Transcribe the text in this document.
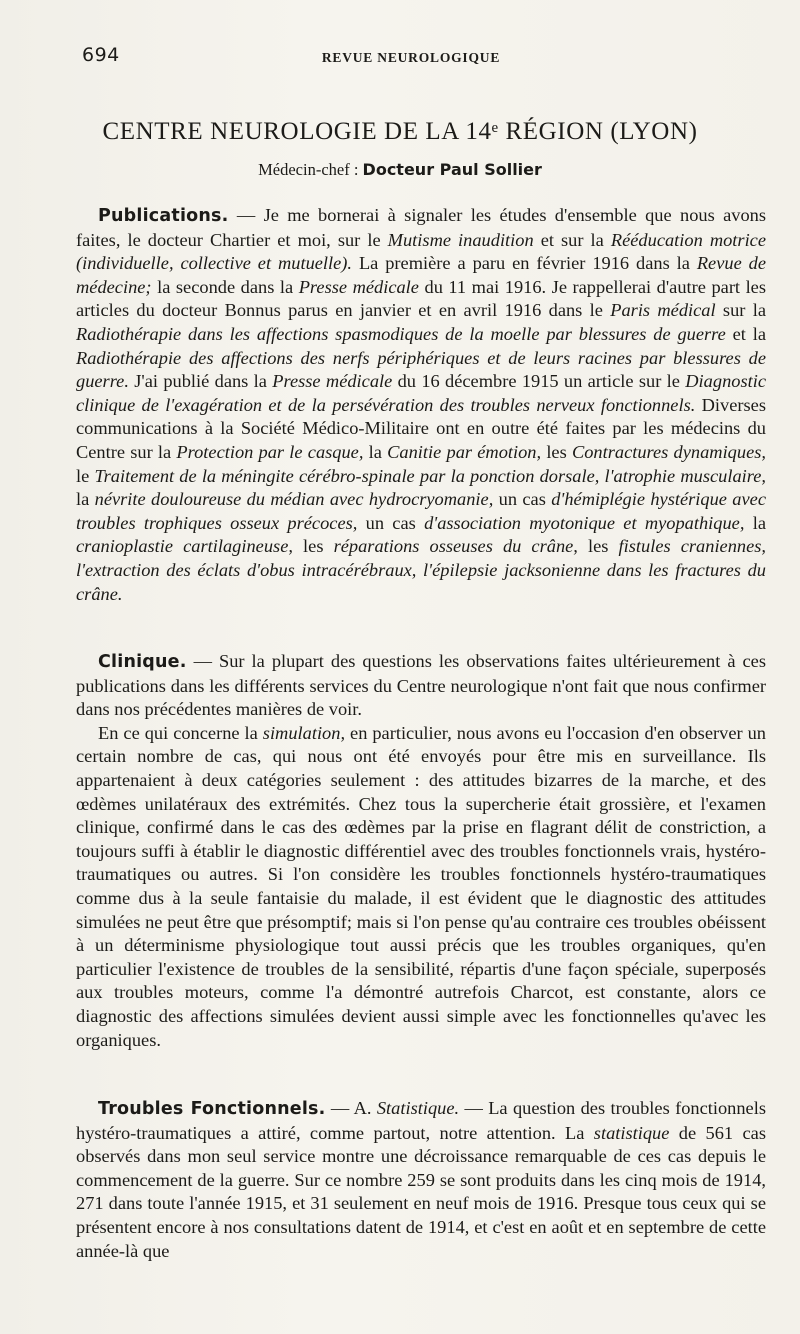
694	REVUE NEUROLOGIQUE
CENTRE NEUROLOGIE DE LA 14ᵉ RÉGION (LYON)
Médecin-chef : Docteur Paul Sollier

Publications. — Je me bornerai à signaler les études d'ensemble que nous avons faites, le docteur Chartier et moi, sur le Mutisme inaudition et sur la Rééducation motrice (individuelle, collective et mutuelle). La première a paru en février 1916 dans la Revue de médecine; la seconde dans la Presse médicale du 11 mai 1916. Je rappellerai d'autre part les articles du docteur Bonnus parus en janvier et en avril 1916 dans le Paris médical sur la Radiothérapie dans les affections spasmodiques de la moelle par blessures de guerre et la Radiothérapie des affections des nerfs périphériques et de leurs racines par blessures de guerre. J'ai publié dans la Presse médicale du 16 décembre 1915 un article sur le Diagnostic clinique de l'exagération et de la persévération des troubles nerveux fonctionnels. Diverses communications à la Société Médico-Militaire ont en outre été faites par les médecins du Centre sur la Protection par le casque, la Canitie par émotion, les Contractures dynamiques, le Traitement de la méningite cérébro-spinale par la ponction dorsale, l'atrophie musculaire, la névrite douloureuse du médian avec hydrocryomanie, un cas d'hémiplégie hystérique avec troubles trophiques osseux précoces, un cas d'association myotonique et myopathique, la cranioplastie cartilagineuse, les réparations osseuses du crâne, les fistules craniennes, l'extraction des éclats d'obus intracérébraux, l'épilepsie jacksonienne dans les fractures du crâne.

Clinique. — Sur la plupart des questions les observations faites ultérieurement à ces publications dans les différents services du Centre neurologique n'ont fait que nous confirmer dans nos précédentes manières de voir.

En ce qui concerne la simulation, en particulier, nous avons eu l'occasion d'en observer un certain nombre de cas, qui nous ont été envoyés pour être mis en surveillance. Ils appartenaient à deux catégories seulement : des attitudes bizarres de la marche, et des œdèmes unilatéraux des extrémités. Chez tous la supercherie était grossière, et l'examen clinique, confirmé dans le cas des œdèmes par la prise en flagrant délit de constriction, a toujours suffi à établir le diagnostic différentiel avec des troubles fonctionnels vrais, hystéro-traumatiques ou autres. Si l'on considère les troubles fonctionnels hystéro-traumatiques comme dus à la seule fantaisie du malade, il est évident que le diagnostic des attitudes simulées ne peut être que présomptif; mais si l'on pense qu'au contraire ces troubles obéissent à un déterminisme physiologique tout aussi précis que les troubles organiques, qu'en particulier l'existence de troubles de la sensibilité, répartis d'une façon spéciale, superposés aux troubles moteurs, comme l'a démontré autrefois Charcot, est constante, alors ce diagnostic des affections simulées devient aussi simple avec les fonctionnelles qu'avec les organiques.

Troubles Fonctionnels. — A. Statistique. — La question des troubles fonctionnels hystéro-traumatiques a attiré, comme partout, notre attention. La statistique de 561 cas observés dans mon seul service montre une décroissance remarquable de ces cas depuis le commencement de la guerre. Sur ce nombre 259 se sont produits dans les cinq mois de 1914, 271 dans toute l'année 1915, et 31 seulement en neuf mois de 1916. Presque tous ceux qui se présentent encore à nos consultations datent de 1914, et c'est en août et en septembre de cette année-là que
